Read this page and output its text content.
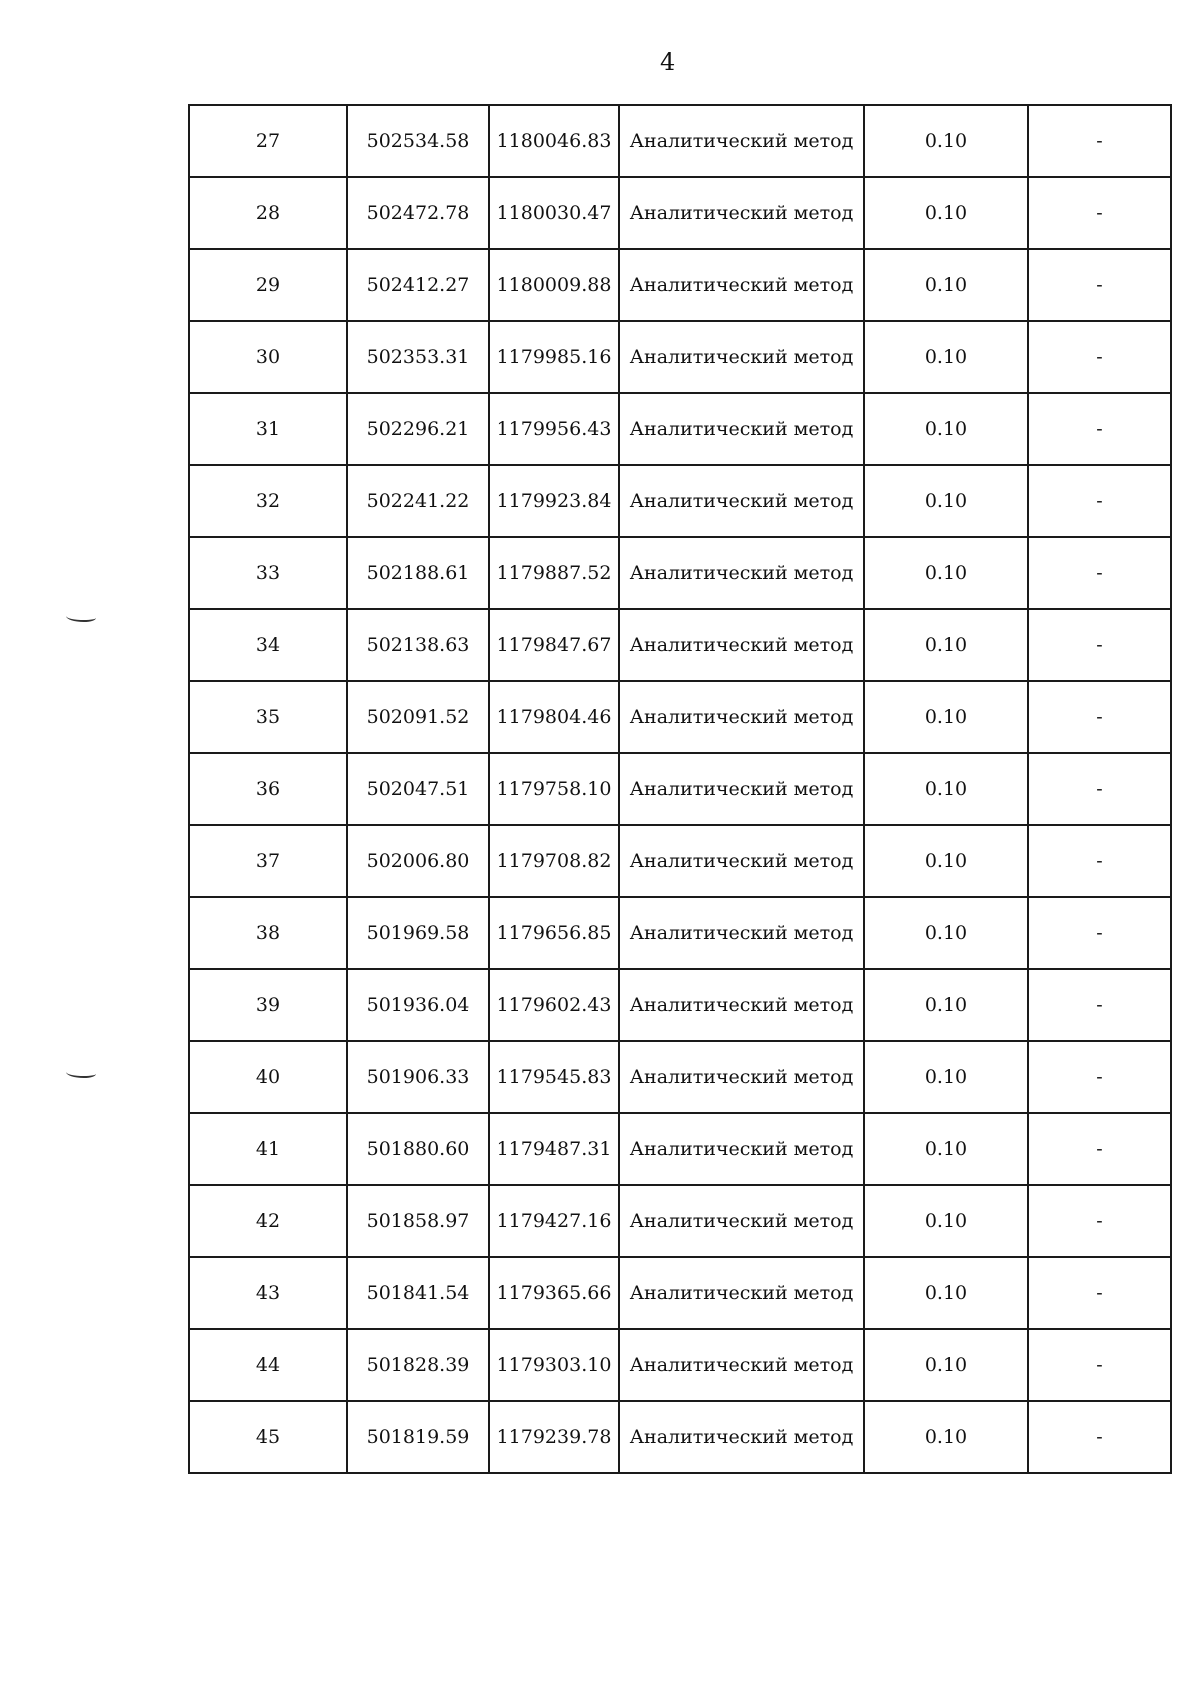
4
27	502534.58	1180046.83	Аналитический метод	0.10	-
28	502472.78	1180030.47	Аналитический метод	0.10	-
29	502412.27	1180009.88	Аналитический метод	0.10	-
30	502353.31	1179985.16	Аналитический метод	0.10	-
31	502296.21	1179956.43	Аналитический метод	0.10	-
32	502241.22	1179923.84	Аналитический метод	0.10	-
33	502188.61	1179887.52	Аналитический метод	0.10	-
34	502138.63	1179847.67	Аналитический метод	0.10	-
35	502091.52	1179804.46	Аналитический метод	0.10	-
36	502047.51	1179758.10	Аналитический метод	0.10	-
37	502006.80	1179708.82	Аналитический метод	0.10	-
38	501969.58	1179656.85	Аналитический метод	0.10	-
39	501936.04	1179602.43	Аналитический метод	0.10	-
40	501906.33	1179545.83	Аналитический метод	0.10	-
41	501880.60	1179487.31	Аналитический метод	0.10	-
42	501858.97	1179427.16	Аналитический метод	0.10	-
43	501841.54	1179365.66	Аналитический метод	0.10	-
44	501828.39	1179303.10	Аналитический метод	0.10	-
45	501819.59	1179239.78	Аналитический метод	0.10	-
